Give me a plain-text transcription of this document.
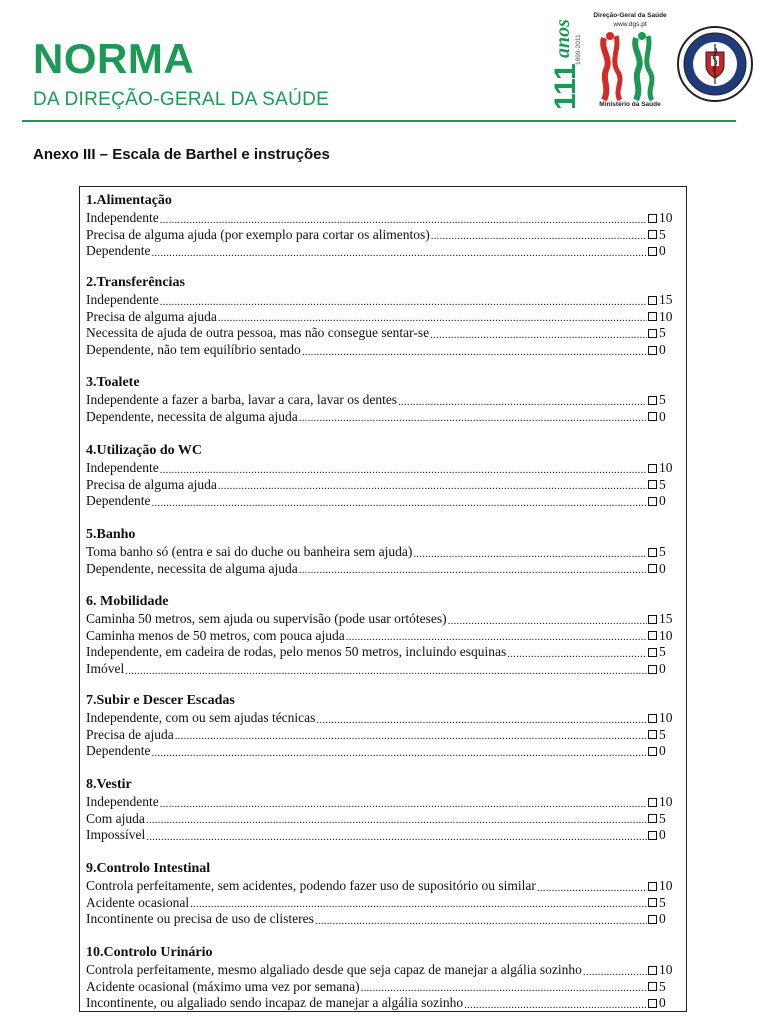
NORMA
DA DIREÇÃO-GERAL DA SAÚDE	111
anos 1899-2011
Direção-Geral da Saúde
www.dgs.pt
Ministério da Saúde
Anexo III – Escala de Barthel e instruções
1.Alimentação
Independente .....	10
Precisa de alguma ajuda (por exemplo para cortar os alimentos) .....	5
Dependente .....	0
2.Transferências
Independente .....	15
Precisa de alguma ajuda .....	10
Necessita de ajuda de outra pessoa, mas não consegue sentar-se .....	5
Dependente, não tem equilíbrio sentado .....	0
3.Toalete
Independente a fazer a barba, lavar a cara, lavar os dentes .....	5
Dependente, necessita de alguma ajuda .....	0
4.Utilização do WC
Independente .....	10
Precisa de alguma ajuda .....	5
Dependente .....	0
5.Banho
Toma banho só (entra e sai do duche ou banheira sem ajuda) .....	5
Dependente, necessita de alguma ajuda .....	0
6. Mobilidade
Caminha 50 metros, sem ajuda ou supervisão (pode usar ortóteses) .....	15
Caminha menos de 50 metros, com pouca ajuda .....	10
Independente, em cadeira de rodas, pelo menos 50 metros, incluindo esquinas .....	5
Imóvel .....	0
7.Subir e Descer Escadas
Independente, com ou sem ajudas técnicas .....	10
Precisa de ajuda .....	5
Dependente .....	0
8.Vestir
Independente .....	10
Com ajuda .....	5
Impossível .....	0
9.Controlo Intestinal
Controla perfeitamente, sem acidentes, podendo fazer uso de supositório ou similar .....	10
Acidente ocasional .....	5
Incontinente ou precisa de uso de clisteres .....	0
10.Controlo Urinário
Controla perfeitamente, mesmo algaliado desde que seja capaz de manejar a algália sozinho .....	10
Acidente ocasional (máximo uma vez por semana) .....	5
Incontinente, ou algaliado sendo incapaz de manejar a algália sozinho .....	0
